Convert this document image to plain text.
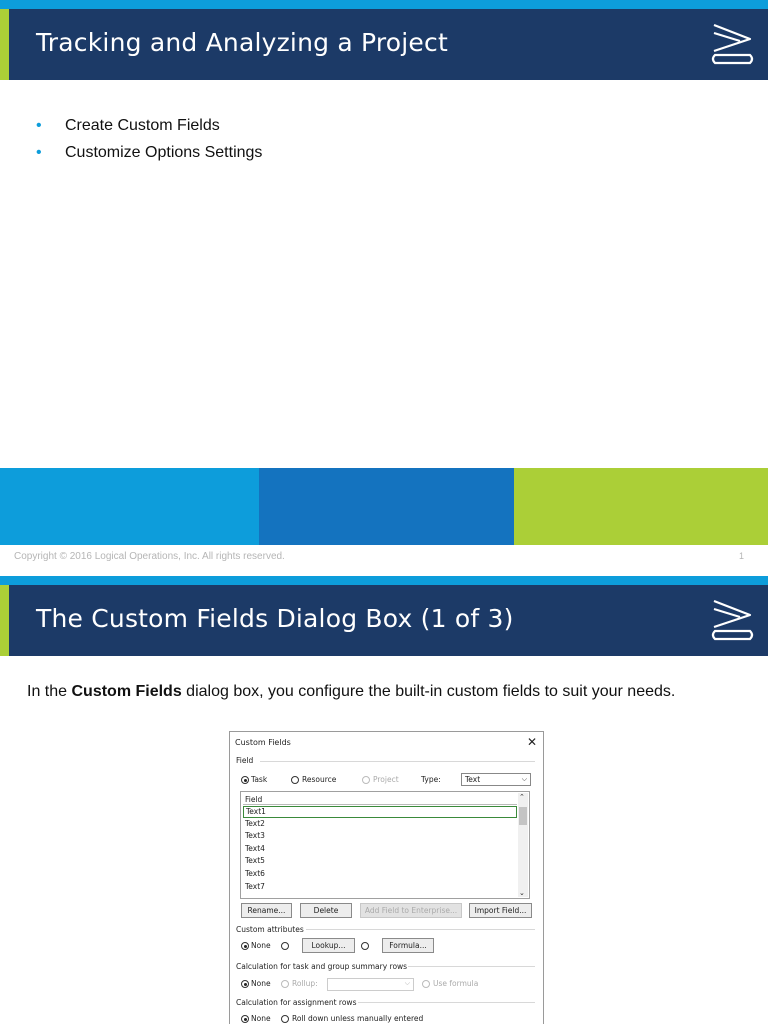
Tracking and Analyzing a Project
• Create Custom Fields
• Customize Options Settings
Copyright © 2016 Logical Operations, Inc. All rights reserved.	1
The Custom Fields Dialog Box (1 of 3)
In the Custom Fields dialog box, you configure the built-in custom fields to suit your needs.
Custom Fields	✕
Field
Task	Resource	Project	Type:	Text	⌵
Field
Text1
Text2
Text3
Text4
Text5
Text6
Text7
⌃
⌄
Rename...	Delete	Add Field to Enterprise...	Import Field...
Custom attributes
None	Lookup...	Formula...
Calculation for task and group summary rows
None	Rollup:	⌵	Use formula
Calculation for assignment rows
None	Roll down unless manually entered
